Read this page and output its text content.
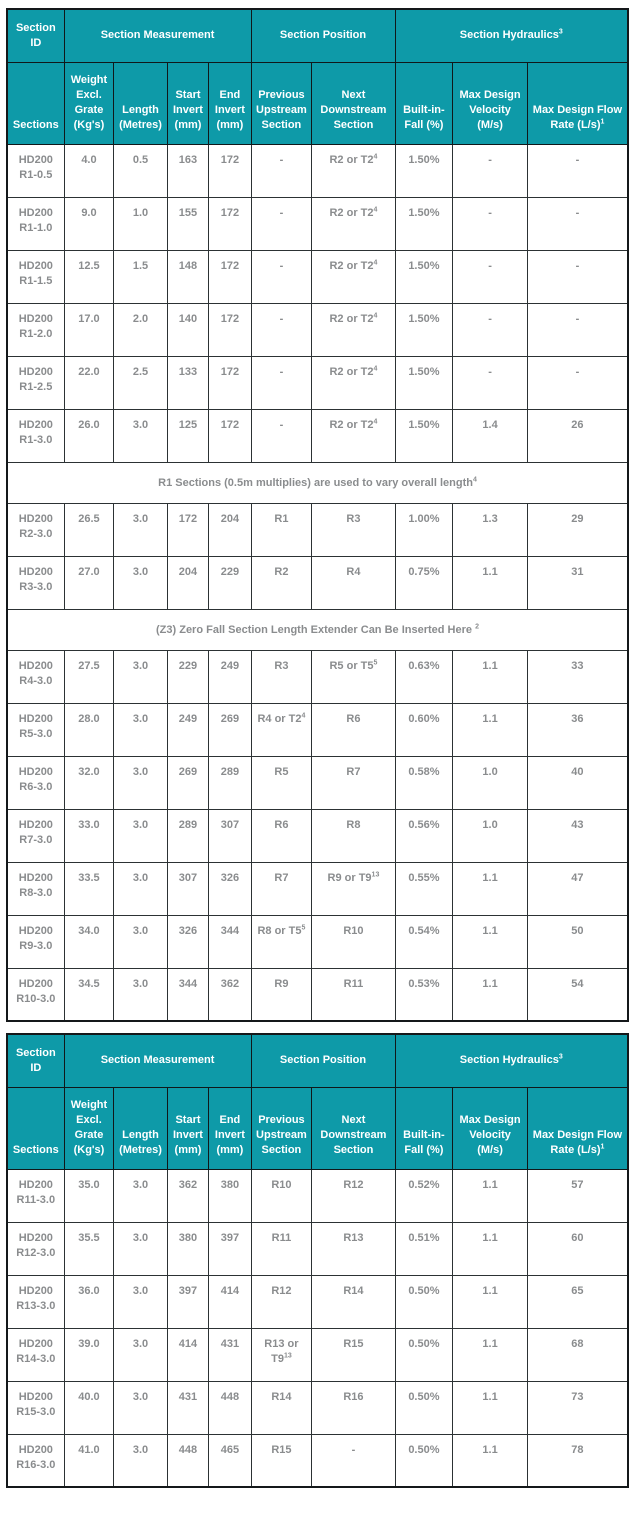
Section ID	Section Measurement				Section Position		Section Hydraulics$^3$
Sections	Weight Excl. Grate (Kg's)	Length (Metres)	Start Invert (mm)	End Invert (mm)	Previous Upstream Section	Next Downstream Section	Built-in-Fall (%)	Max Design Velocity (M/s)	Max Design Flow Rate $(L/s)^1$
HD200 R1-0.5	4.0	0.5	163	172	-	R2 or $T2^4$	1.50%	-	-
HD200 R1-1.0	9.0	1.0	155	172	-	R2 or $T2^4$	1.50%	-	-
HD200 R1-1.5	12.5	1.5	148	172	-	R2 or $T2^4$	1.50%	-	-
HD200 R1-2.0	17.0	2.0	140	172	-	R2 or $T2^4$	1.50%	-	-
HD200 R1-2.5	22.0	2.5	133	172	-	R2 or $T2^4$	1.50%	-	-
HD200 R1-3.0	26.0	3.0	125	172	-	R2 or $T2^4$	1.50%	1.4	26
R1 Sections (0.5m multiplies) are used to vary overall length$^4$
HD200 R2-3.0	26.5	3.0	172	204	R1	R3	1.00%	1.3	29
HD200 R3-3.0	27.0	3.0	204	229	R2	R4	0.75%	1.1	31
(Z3) Zero Fall Section Length Extender Can Be Inserted Here $^2$
HD200 R4-3.0	27.5	3.0	229	249	R3	R5 or $T5^5$	0.63%	1.1	33
HD200 R5-3.0	28.0	3.0	249	269	R4 or $T2^4$	R6	0.60%	1.1	36
HD200 R6-3.0	32.0	3.0	269	289	R5	R7	0.58%	1.0	40
HD200 R7-3.0	33.0	3.0	289	307	R6	R8	0.56%	1.0	43
HD200 R8-3.0	33.5	3.0	307	326	R7	R9 or $T9^{13}$	0.55%	1.1	47
HD200 R9-3.0	34.0	3.0	326	344	R8 or $T5^5$	R10	0.54%	1.1	50
HD200 R10-3.0	34.5	3.0	344	362	R9	R11	0.53%	1.1	54
Section ID	Section Measurement				Section Position		Section Hydraulics$^3$
Sections	Weight Excl. Grate (Kg's)	Length (Metres)	Start Invert (mm)	End Invert (mm)	Previous Upstream Section	Next Downstream Section	Built-in-Fall (%)	Max Design Velocity (M/s)	Max Design Flow Rate $(L/s)^1$
HD200 R11-3.0	35.0	3.0	362	380	R10	R12	0.52%	1.1	57
HD200 R12-3.0	35.5	3.0	380	397	R11	R13	0.51%	1.1	60
HD200 R13-3.0	36.0	3.0	397	414	R12	R14	0.50%	1.1	65
HD200 R14-3.0	39.0	3.0	414	431	R13 or $T9^{13}$	R15	0.50%	1.1	68
HD200 R15-3.0	40.0	3.0	431	448	R14	R16	0.50%	1.1	73
HD200 R16-3.0	41.0	3.0	448	465	R15	-	0.50%	1.1	78
